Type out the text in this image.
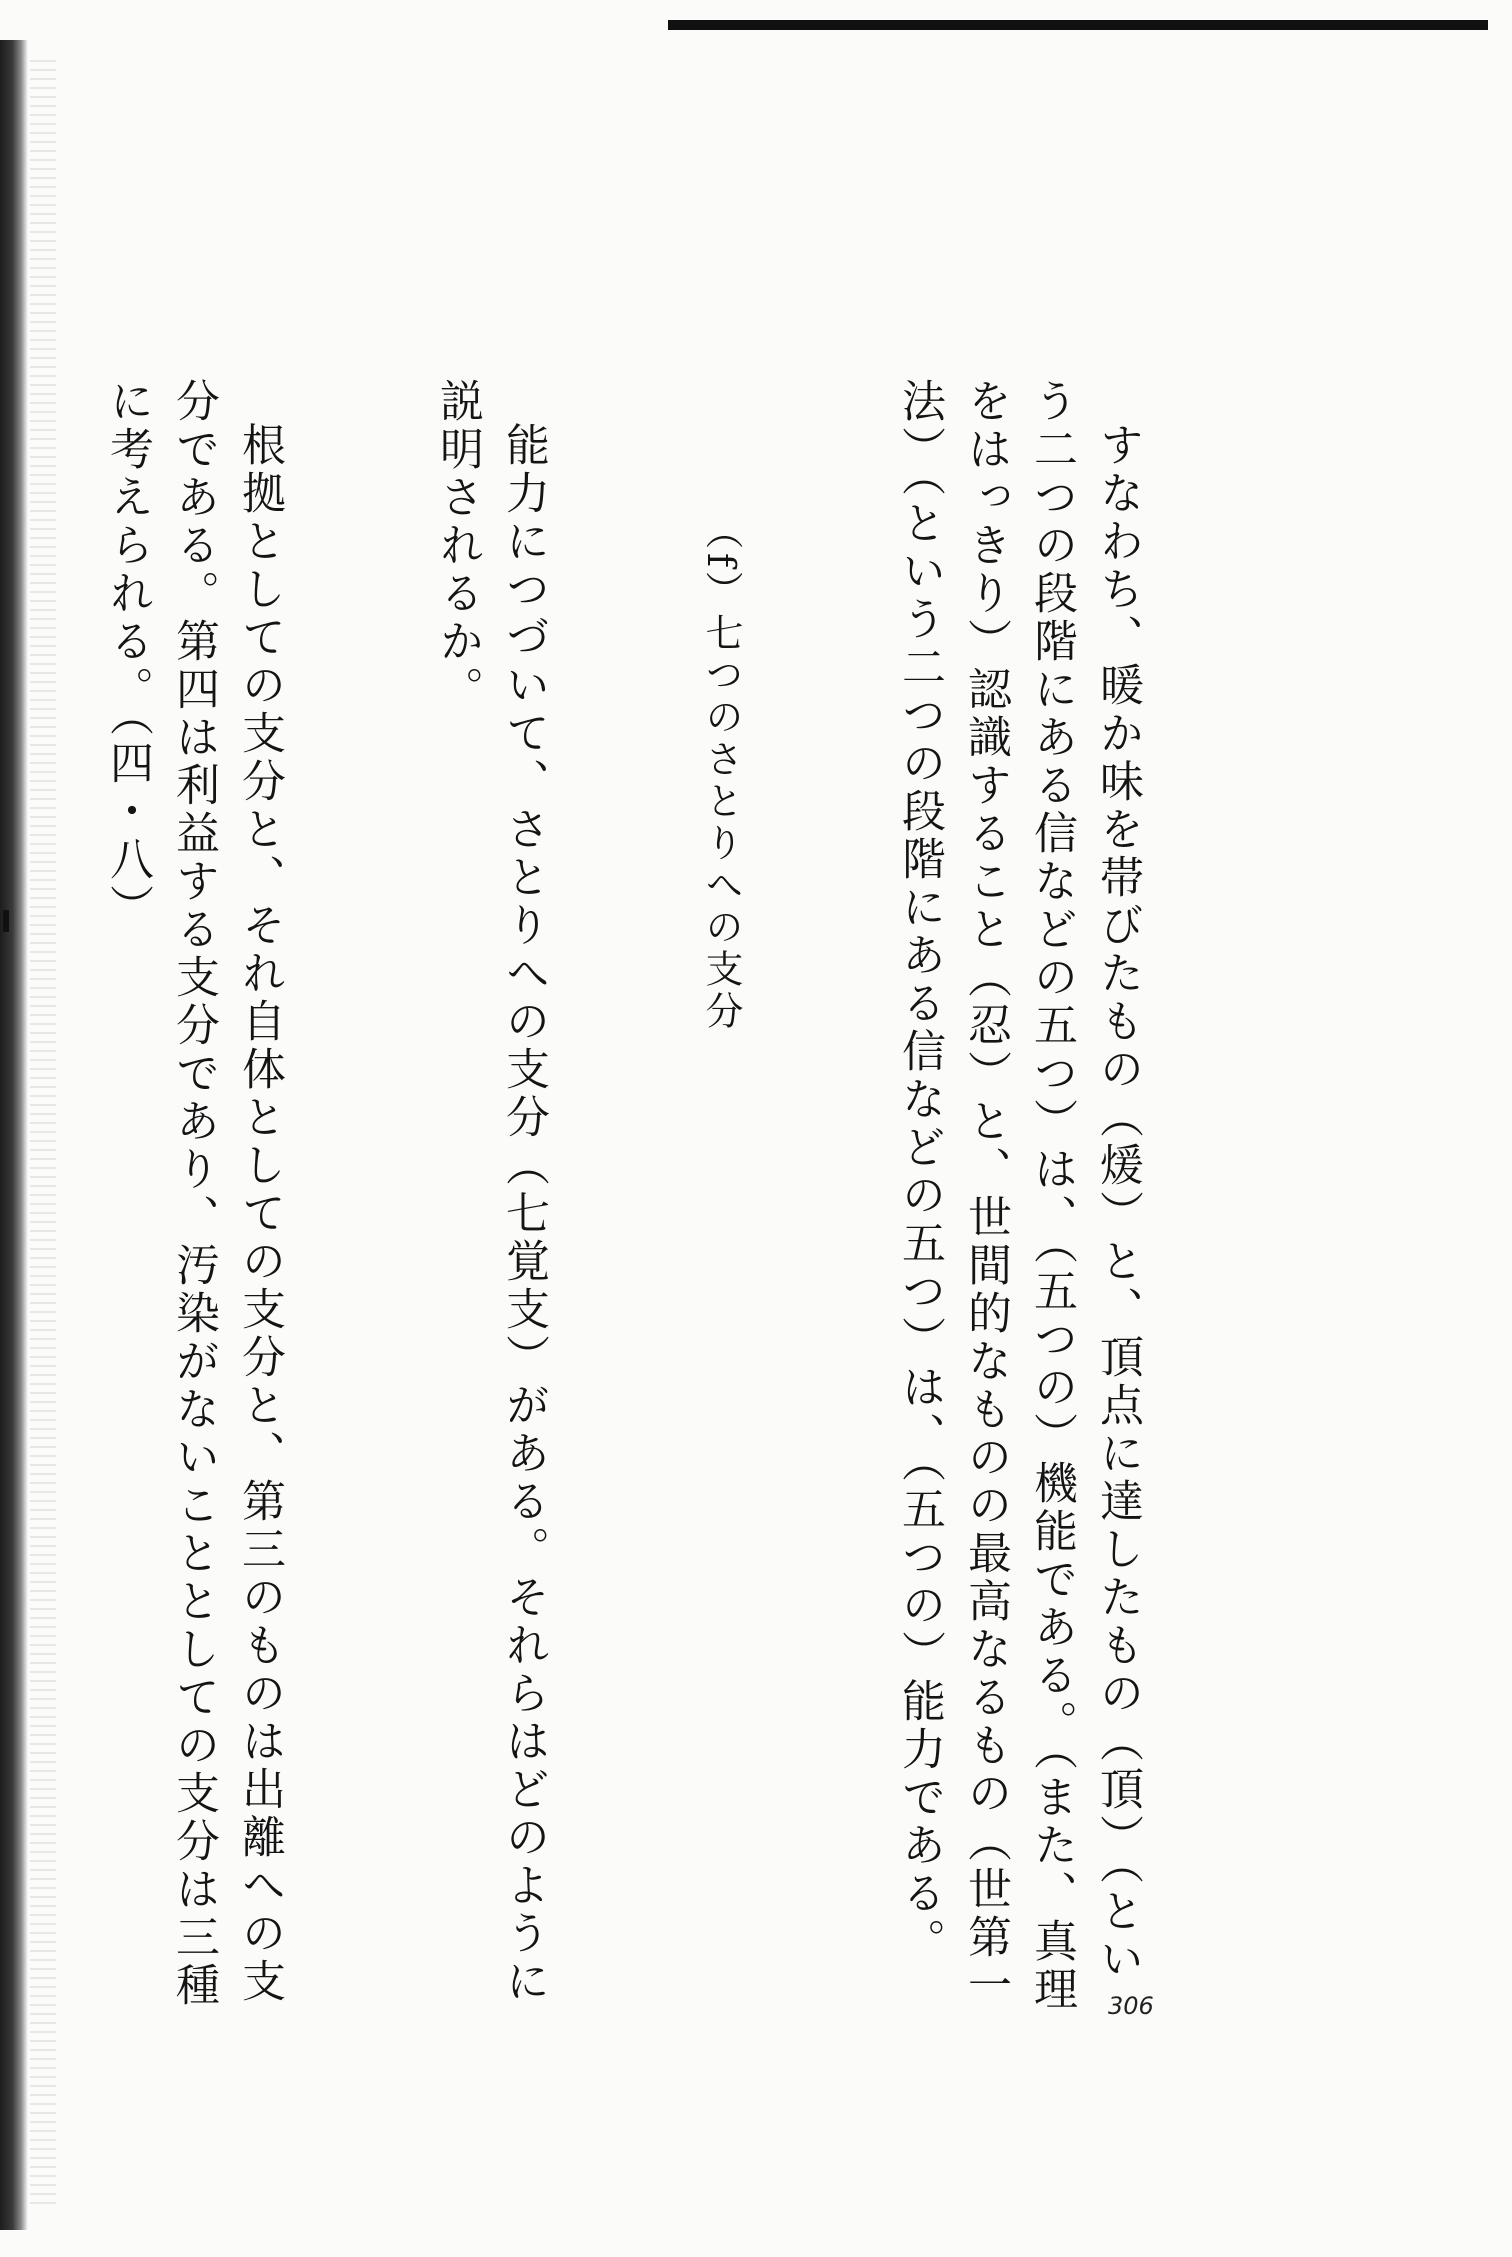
すなわち、暖か味を帯びたもの（煖）と、頂点に達したもの（頂）（という二つの段階にある信などの五つ）は、（五つの）機能である。（また、真理をはっきり）認識すること（忍）と、世間的なものの最高なるもの（世第一法）（という二つの段階にある信などの五つ）は、（五つの）能力である。

（f）七つのさとりへの支分

能力につづいて、さとりへの支分（七覚支）がある。それらはどのように説明されるか。

根拠としての支分と、それ自体としての支分と、第三のものは出離への支分である。第四は利益する支分であり、汚染がないこととしての支分は三種に考えられる。（四・八）

306
